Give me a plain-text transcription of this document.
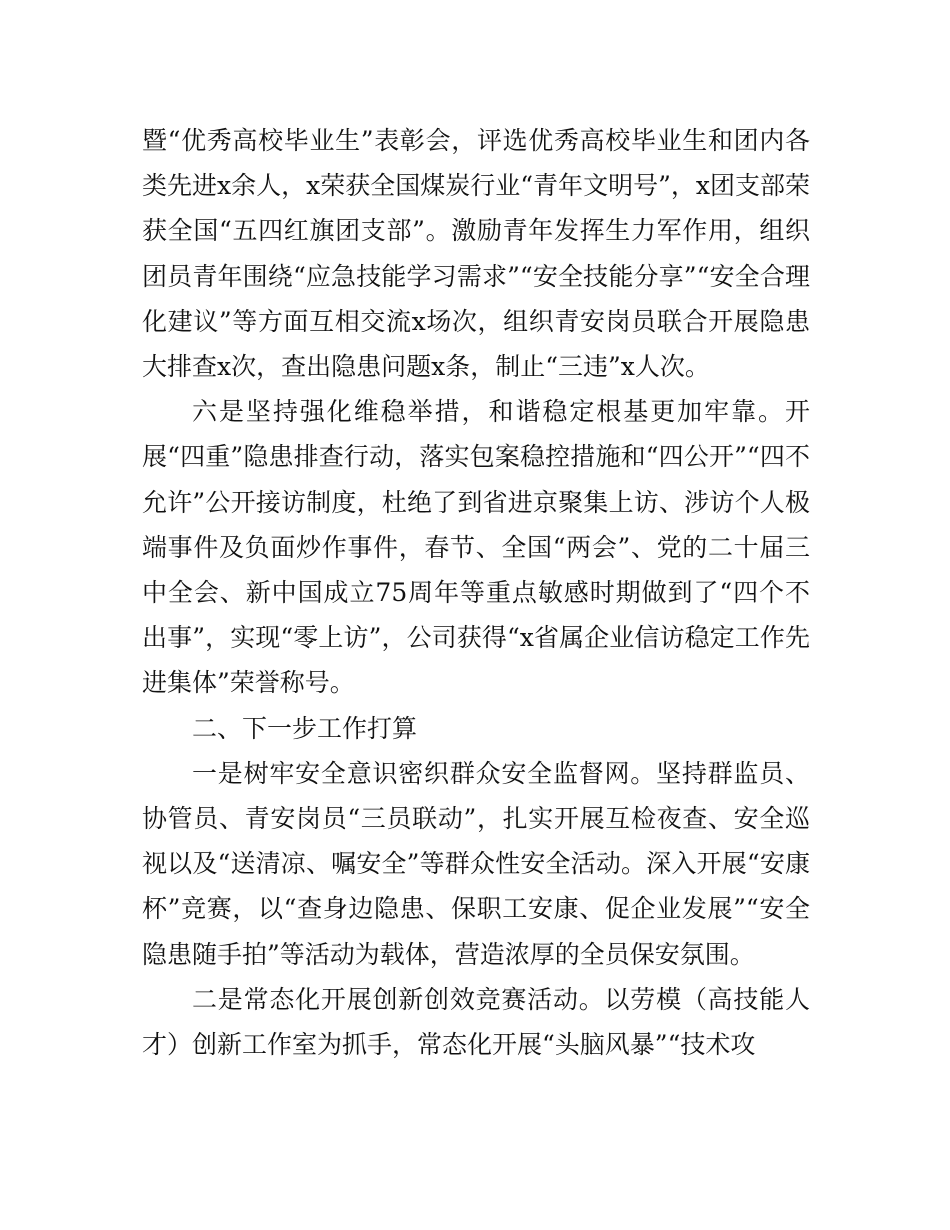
暨“优秀高校毕业生”表彰会，评选优秀高校毕业生和团内各类先进x余人，x荣获全国煤炭行业“青年文明号”，x团支部荣获全国“五四红旗团支部”。激励青年发挥生力军作用，组织团员青年围绕“应急技能学习需求”“安全技能分享”“安全合理化建议”等方面互相交流x场次，组织青安岗员联合开展隐患大排查x次，查出隐患问题x条，制止“三违”x人次。

六是坚持强化维稳举措，和谐稳定根基更加牢靠。开展“四重”隐患排查行动，落实包案稳控措施和“四公开”“四不允许”公开接访制度，杜绝了到省进京聚集上访、涉访个人极端事件及负面炒作事件，春节、全国“两会”、党的二十届三中全会、新中国成立75周年等重点敏感时期做到了“四个不出事”，实现“零上访”，公司获得“x省属企业信访稳定工作先进集体”荣誉称号。

二、下一步工作打算

一是树牢安全意识密织群众安全监督网。坚持群监员、协管员、青安岗员“三员联动”，扎实开展互检夜查、安全巡视以及“送清凉、嘱安全”等群众性安全活动。深入开展“安康杯”竞赛，以“查身边隐患、保职工安康、促企业发展”“安全隐患随手拍”等活动为载体，营造浓厚的全员保安氛围。

二是常态化开展创新创效竞赛活动。以劳模（高技能人才）创新工作室为抓手，常态化开展“头脑风暴”“技术攻
